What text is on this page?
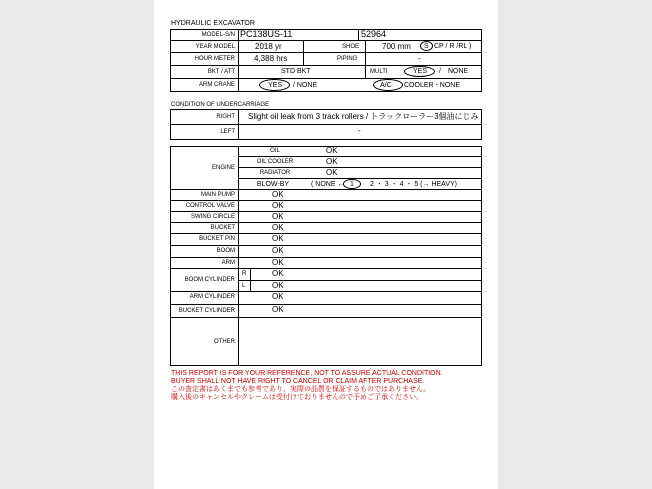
HYDRAULIC EXCAVATOR
MODEL-S/N PC138US-11	52964
YEAR MODEL	2018 yr	SHOE	700 mm S CP / R /RL )
HOUR METER 4,388 hrs	PIPING	-
BKT / ATT	STD BKT	MULTI	YES / NONE
ARM CRANE	YES / NONE	A/C COOLER - NONE
CONDITION OF UNDERCARRIAGE
RIGHT Slight oil leak from 3 track rollers / トラックローラー3個油にじみ
LEFT	-
ENGINE
OIL	OK
OIL COOLER	OK
RADIATOR	OK
BLOW-BY	( NONE ← 1 2 ・ 3 ・ 4 ・ 5 (→ HEAVY)
MAIN PUMP	OK
CONTROL VALVE	OK
SWING CIRCLE	OK
BUCKET	OK
BUCKET PIN	OK
BOOM	OK
ARM	OK
BOOM CYLINDER
R	OK
L	OK
ARM CYLINDER	OK
BUCKET CYLINDER	OK
OTHER
THIS REPORT IS FOR YOUR REFERENCE, NOT TO ASSURE ACTUAL CONDITION.
BUYER SHALL NOT HAVE RIGHT TO CANCEL OR CLAIM AFTER PURCHASE.
この査定書はあくまでも参考であり、実際の品質を保証するものではありません。
購入後のキャンセルやクレームは受付けておりませんので予めご了承ください。
